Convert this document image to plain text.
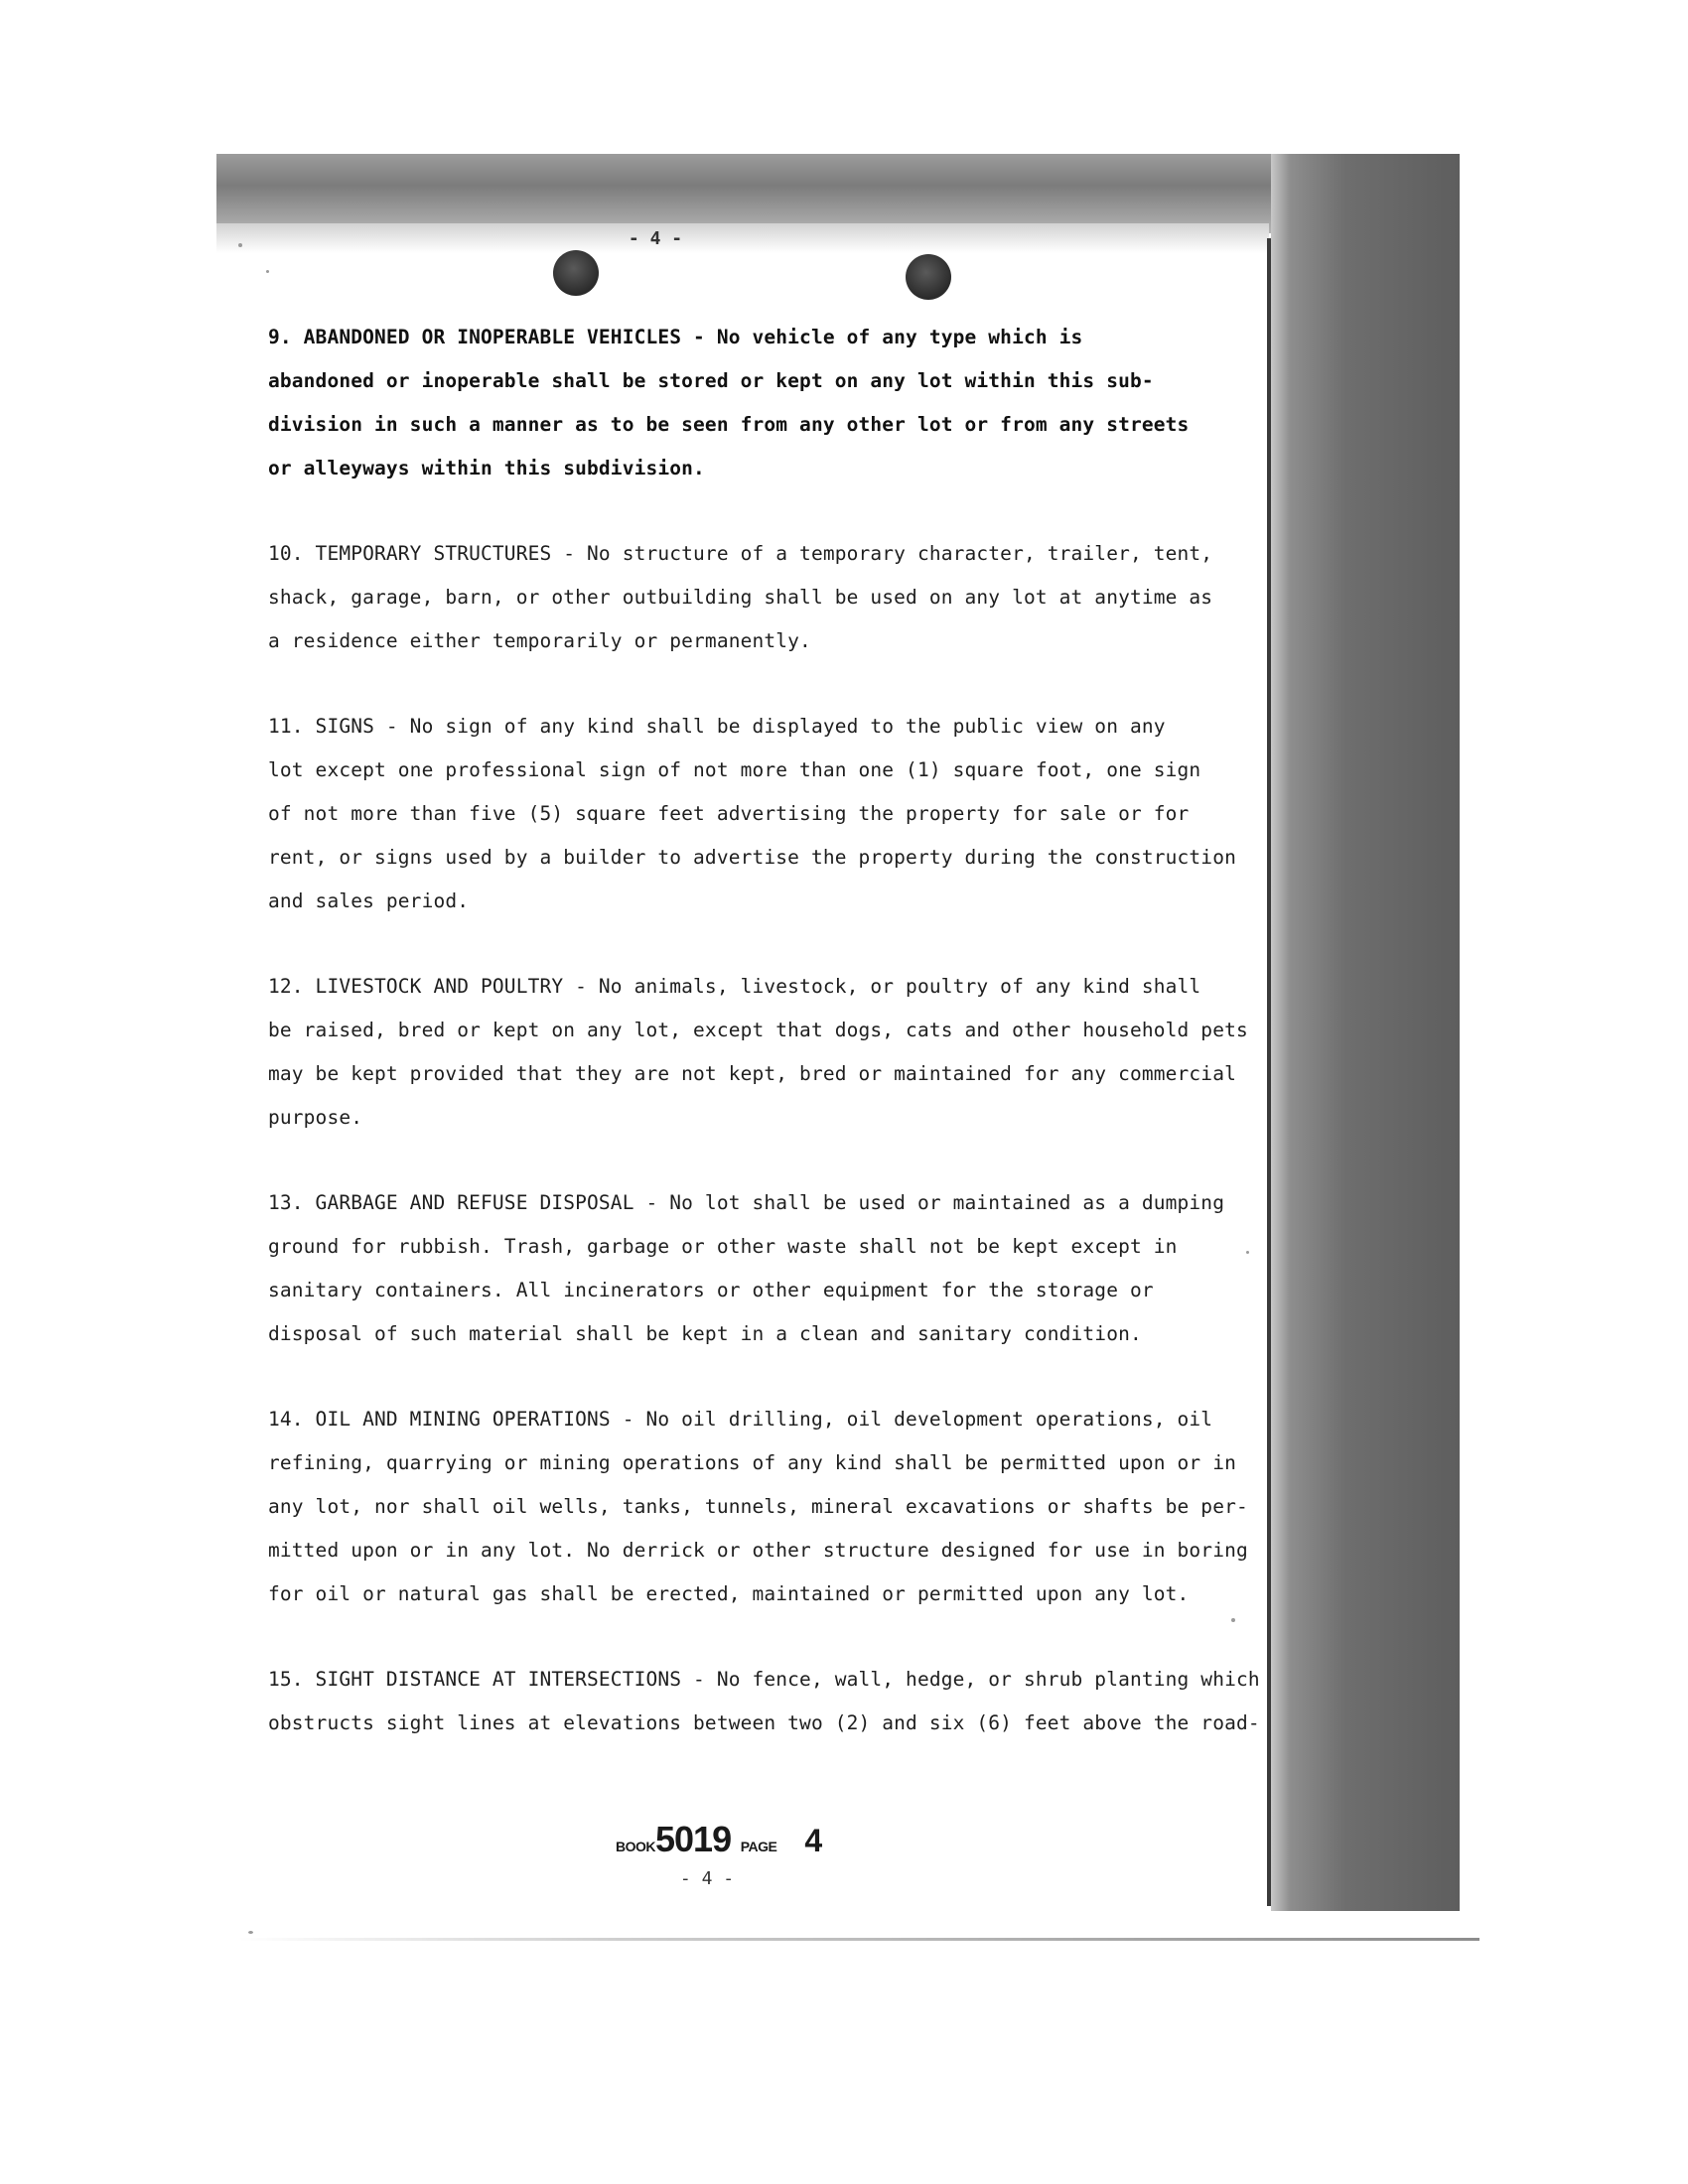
- 4 -
9. ABANDONED OR INOPERABLE VEHICLES - No vehicle of any type which is
abandoned or inoperable shall be stored or kept on any lot within this sub-
division in such a manner as to be seen from any other lot or from any streets
or alleyways within this subdivision.
10. TEMPORARY STRUCTURES - No structure of a temporary character, trailer, tent,
shack, garage, barn, or other outbuilding shall be used on any lot at anytime as
a residence either temporarily or permanently.
11. SIGNS - No sign of any kind shall be displayed to the public view on any
lot except one professional sign of not more than one (1) square foot, one sign
of not more than five (5) square feet advertising the property for sale or for
rent, or signs used by a builder to advertise the property during the construction
and sales period.
12. LIVESTOCK AND POULTRY - No animals, livestock, or poultry of any kind shall
be raised, bred or kept on any lot, except that dogs, cats and other household pets
may be kept provided that they are not kept, bred or maintained for any commercial
purpose.
13. GARBAGE AND REFUSE DISPOSAL - No lot shall be used or maintained as a dumping
ground for rubbish. Trash, garbage or other waste shall not be kept except in
sanitary containers. All incinerators or other equipment for the storage or
disposal of such material shall be kept in a clean and sanitary condition.
14. OIL AND MINING OPERATIONS - No oil drilling, oil development operations, oil
refining, quarrying or mining operations of any kind shall be permitted upon or in
any lot, nor shall oil wells, tanks, tunnels, mineral excavations or shafts be per-
mitted upon or in any lot. No derrick or other structure designed for use in boring
for oil or natural gas shall be erected, maintained or permitted upon any lot.
15. SIGHT DISTANCE AT INTERSECTIONS - No fence, wall, hedge, or shrub planting which
obstructs sight lines at elevations between two (2) and six (6) feet above the road-
BOOK5019 PAGE 4
- 4 -
